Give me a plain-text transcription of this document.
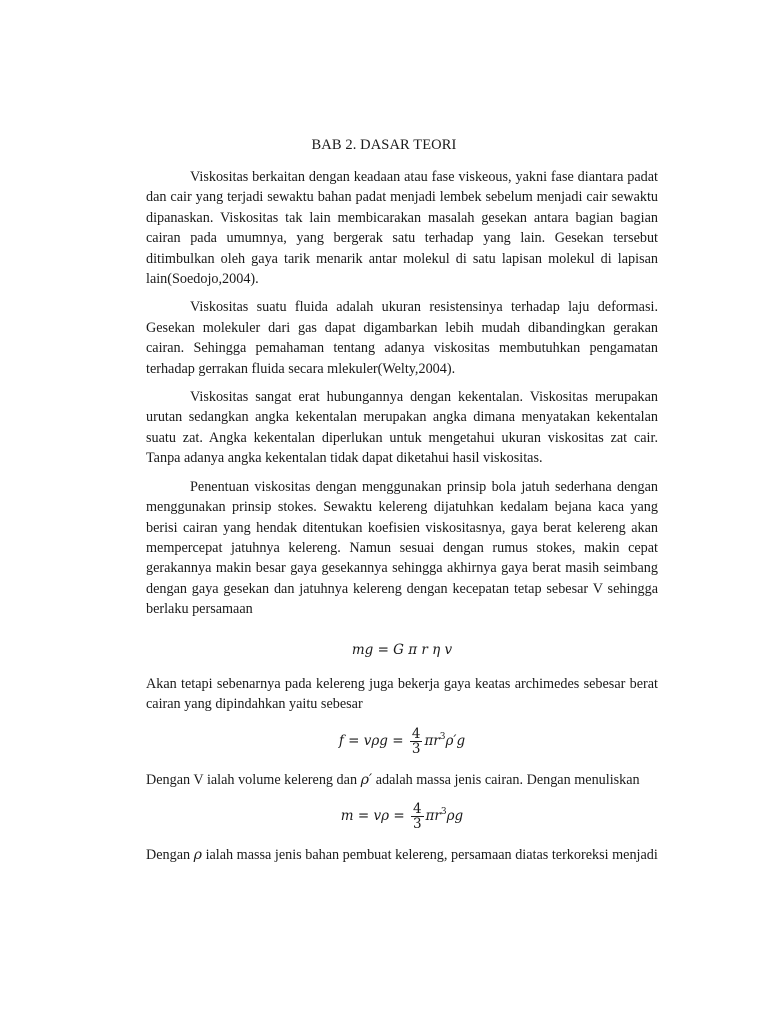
BAB 2. DASAR TEORI

Viskositas berkaitan dengan keadaan atau fase viskeous, yakni fase diantara padat dan cair yang terjadi sewaktu bahan padat menjadi lembek sebelum menjadi cair sewaktu dipanaskan. Viskositas tak lain membicarakan masalah gesekan antara bagian bagian cairan pada umumnya, yang bergerak satu terhadap yang lain. Gesekan tersebut ditimbulkan oleh gaya tarik menarik antar molekul di satu lapisan molekul di lapisan lain(Soedojo,2004).

Viskositas suatu fluida adalah ukuran resistensinya terhadap laju deformasi. Gesekan molekuler dari gas dapat digambarkan lebih mudah dibandingkan gerakan cairan. Sehingga pemahaman tentang adanya viskositas membutuhkan pengamatan terhadap gerrakan fluida secara mlekuler(Welty,2004).

Viskositas sangat erat hubungannya dengan kekentalan. Viskositas merupakan urutan sedangkan angka kekentalan merupakan angka dimana menyatakan kekentalan suatu zat. Angka kekentalan diperlukan untuk mengetahui ukuran viskositas zat cair. Tanpa adanya angka kekentalan tidak dapat diketahui hasil viskositas.

Penentuan viskositas dengan menggunakan prinsip bola jatuh sederhana dengan menggunakan prinsip stokes. Sewaktu kelereng dijatuhkan kedalam bejana kaca yang berisi cairan yang hendak ditentukan koefisien viskositasnya, gaya berat kelereng akan mempercepat jatuhnya kelereng. Namun sesuai dengan rumus stokes, makin cepat gerakannya makin besar gaya gesekannya sehingga akhirnya gaya berat masih seimbang dengan gaya gesekan dan jatuhnya kelereng dengan kecepatan tetap sebesar V sehingga berlaku persamaan

mg = G π r η v

Akan tetapi sebenarnya pada kelereng juga bekerja gaya keatas archimedes sebesar berat cairan yang dipindahkan yaitu sebesar

$f = v\rho g = \frac{4}{3} \pi r^3\rho'g$

Dengan V ialah volume kelereng dan ρ′ adalah massa jenis cairan. Dengan menuliskan

$m = v\rho = \frac{4}{3} \pi r^3\rho g$

Dengan ρ ialah massa jenis bahan pembuat kelereng, persamaan diatas terkoreksi menjadi
